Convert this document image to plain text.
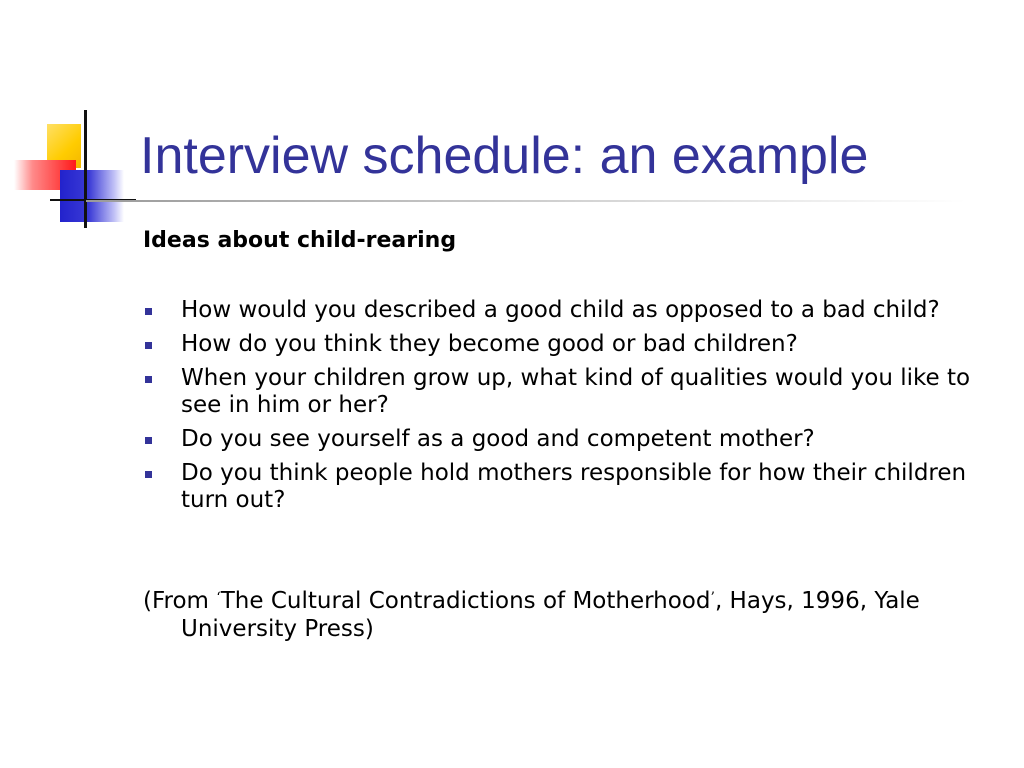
Interview schedule: an example

Ideas about child-rearing

How would you described a good child as opposed to a bad child?
How do you think they become good or bad children?
When your children grow up, what kind of qualities would you like to see in him or her?
Do you see yourself as a good and competent mother?
Do you think people hold mothers responsible for how their children turn out?

(From ‘The Cultural Contradictions of Motherhood’, Hays, 1996, Yale University Press)
